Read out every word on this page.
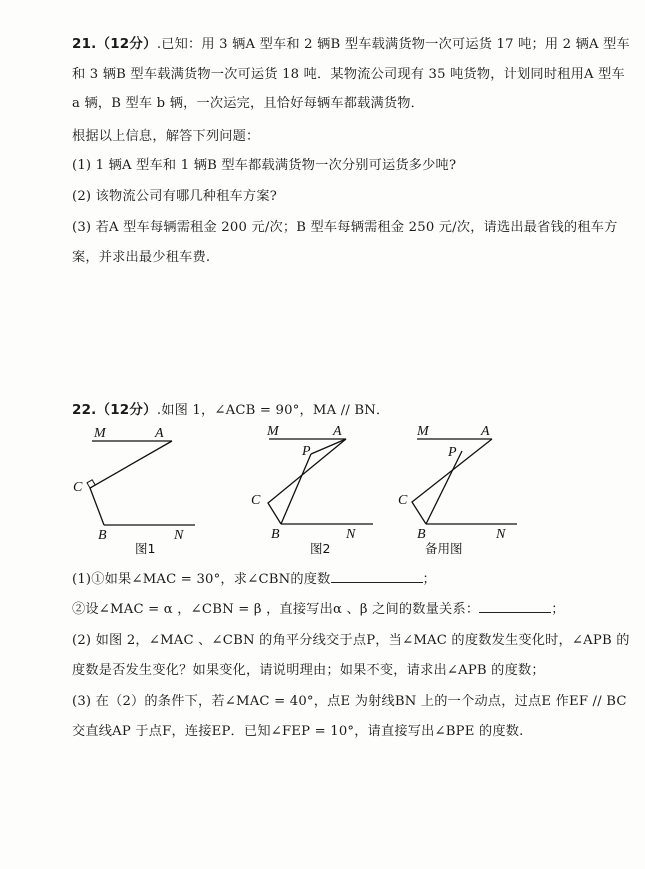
21.（12分）.已知：用 3 辆A 型车和 2 辆B 型车载满货物一次可运货 17 吨；用 2 辆A 型车
和 3 辆B 型车载满货物一次可运货 18 吨．某物流公司现有 35 吨货物，计划同时租用A 型车
a 辆，B 型车 b 辆，一次运完，且恰好每辆车都载满货物．
根据以上信息，解答下列问题：
(1) 1 辆A 型车和 1 辆B 型车都载满货物一次分别可运货多少吨?
(2) 该物流公司有哪几种租车方案?
(3) 若A 型车每辆需租金 200 元/次；B 型车每辆需租金 250 元/次，请选出最省钱的租车方
案，并求出最少租车费.
22.（12分）.如图 1，∠ACB = 90°，MA // BN．
M	A
C
B	N
图1
M	A
P
C
B	N
图2
M	A
P
C
B	N
备用图
(1)①如果∠MAC = 30°，求∠CBN的度数	；
②设∠MAC = α ，∠CBN = β ，直接写出α 、β 之间的数量关系：	；
(2) 如图 2，∠MAC 、∠CBN 的角平分线交于点P，当∠MAC 的度数发生变化时，∠APB 的
度数是否发生变化？如果变化，请说明理由；如果不变，请求出∠APB 的度数；
(3) 在（2）的条件下，若∠MAC = 40°，点E 为射线BN 上的一个动点，过点E 作EF // BC
交直线AP 于点F，连接EP．已知∠FEP = 10°，请直接写出∠BPE 的度数.
